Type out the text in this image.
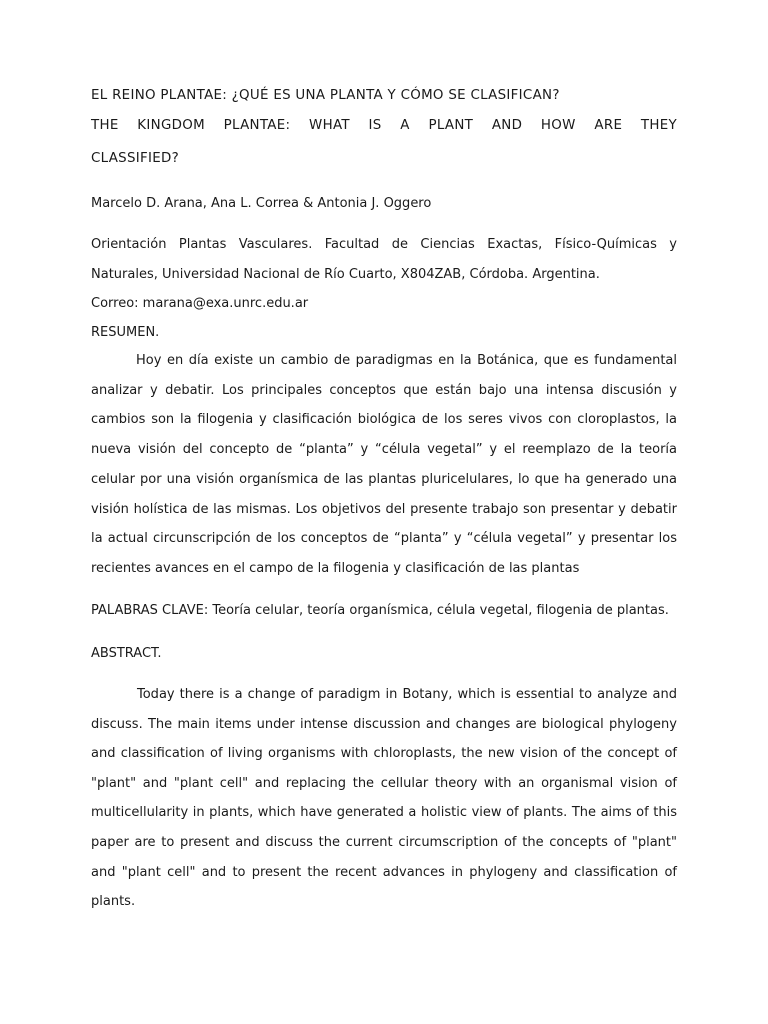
EL REINO PLANTAE: ¿QUÉ ES UNA PLANTA Y CÓMO SE CLASIFICAN?

THE KINGDOM PLANTAE: WHAT IS A PLANT AND HOW ARE THEY

CLASSIFIED?

Marcelo D. Arana, Ana L. Correa & Antonia J. Oggero

Orientación Plantas Vasculares. Facultad de Ciencias Exactas, Físico-Químicas y

Naturales, Universidad Nacional de Río Cuarto, X804ZAB, Córdoba. Argentina.

Correo: marana@exa.unrc.edu.ar

RESUMEN.

Hoy en día existe un cambio de paradigmas en la Botánica, que es fundamental analizar y debatir. Los principales conceptos que están bajo una intensa discusión y cambios son la filogenia y clasificación biológica de los seres vivos con cloroplastos, la nueva visión del concepto de “planta” y “célula vegetal” y el reemplazo de la teoría celular por una visión organísmica de las plantas pluricelulares, lo que ha generado una visión holística de las mismas. Los objetivos del presente trabajo son presentar y debatir la actual circunscripción de los conceptos de “planta” y “célula vegetal” y presentar los recientes avances en el campo de la filogenia y clasificación de las plantas

PALABRAS CLAVE: Teoría celular, teoría organísmica, célula vegetal, filogenia de plantas.

ABSTRACT.

Today there is a change of paradigm in Botany, which is essential to analyze and discuss. The main items under intense discussion and changes are biological phylogeny and classification of living organisms with chloroplasts, the new vision of the concept of "plant" and "plant cell" and replacing the cellular theory with an organismal vision of multicellularity in plants, which have generated a holistic view of plants. The aims of this paper are to present and discuss the current circumscription of the concepts of "plant" and "plant cell" and to present the recent advances in phylogeny and classification of plants.
